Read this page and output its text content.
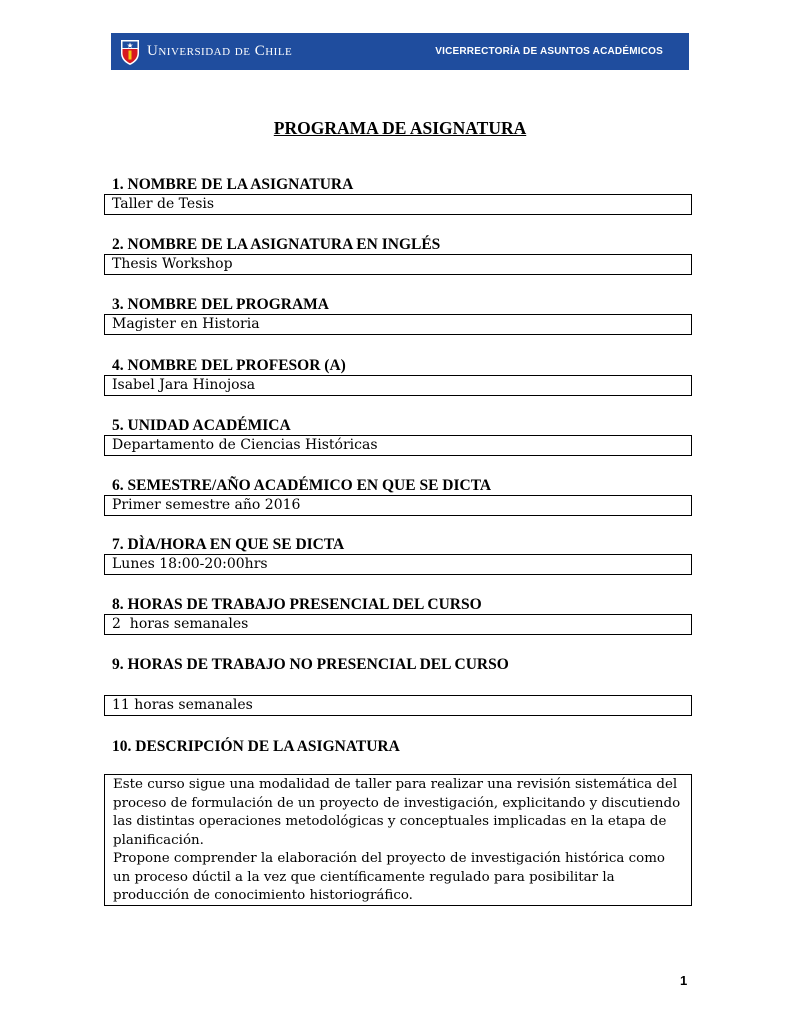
Universidad de Chile	VICERRECTORÍA DE ASUNTOS ACADÉMICOS
PROGRAMA DE ASIGNATURA
1. NOMBRE DE LA ASIGNATURA
Taller de Tesis
2. NOMBRE DE LA ASIGNATURA EN INGLÉS
Thesis Workshop
3. NOMBRE DEL PROGRAMA
Magister en Historia
4. NOMBRE DEL PROFESOR (A)
Isabel Jara Hinojosa
5. UNIDAD ACADÉMICA
Departamento de Ciencias Históricas
6. SEMESTRE/AÑO ACADÉMICO EN QUE SE DICTA
Primer semestre año 2016
7. DÌA/HORA EN QUE SE DICTA
Lunes 18:00-20:00hrs
8. HORAS DE TRABAJO PRESENCIAL DEL CURSO
2  horas semanales
9. HORAS DE TRABAJO NO PRESENCIAL DEL CURSO
11 horas semanales
10. DESCRIPCIÓN DE LA ASIGNATURA

Este curso sigue una modalidad de taller para realizar una revisión sistemática del proceso de formulación de un proyecto de investigación, explicitando y discutiendo las distintas operaciones metodológicas y conceptuales implicadas en la etapa de planificación.

Propone comprender la elaboración del proyecto de investigación histórica como un proceso dúctil a la vez que científicamente regulado para posibilitar la producción de conocimiento historiográfico.

1
